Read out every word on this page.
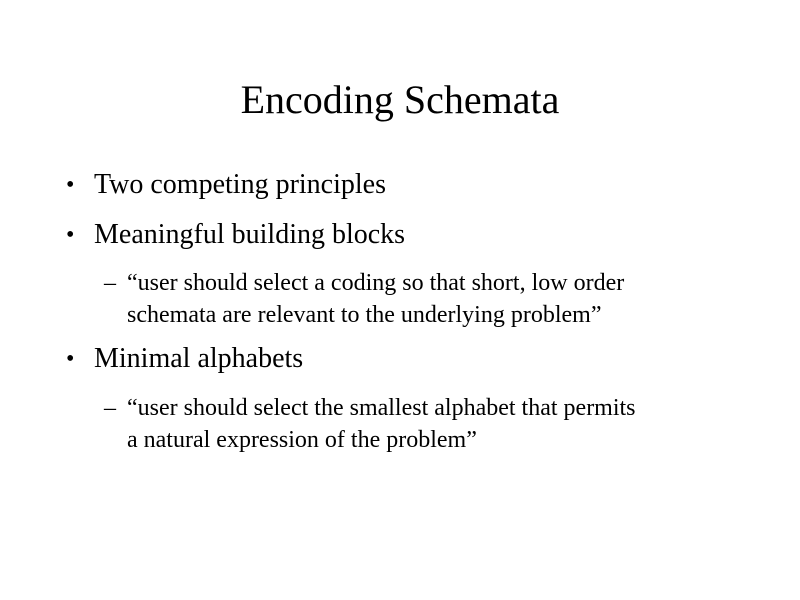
Encoding Schemata
• Two competing principles
• Meaningful building blocks
– “user should select a coding so that short, low order
schemata are relevant to the underlying problem”
• Minimal alphabets
– “user should select the smallest alphabet that permits
a natural expression of the problem”
